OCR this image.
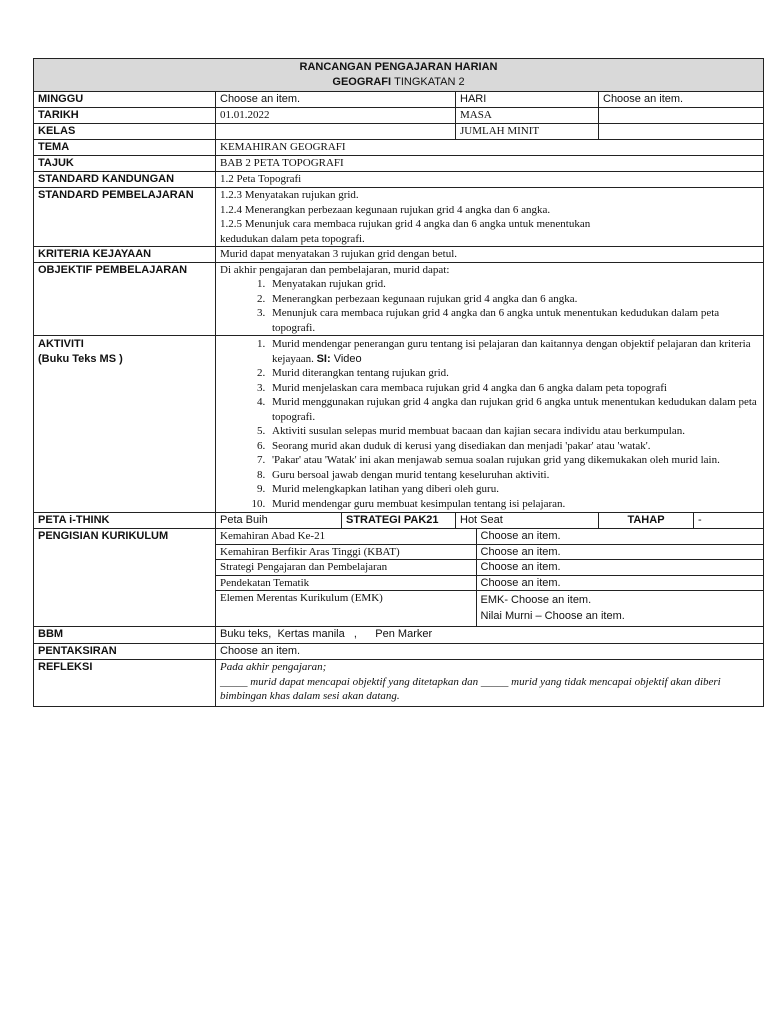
RANCANGAN PENGAJARAN HARIAN
GEOGRAFI TINGKATAN 2

MINGGU	Choose an item.	HARI	Choose an item.
TARIKH	01.01.2022	MASA	
KELAS		JUMLAH MINIT	
TEMA	KEMAHIRAN GEOGRAFI
TAJUK	BAB 2 PETA TOPOGRAFI
STANDARD KANDUNGAN	1.2 Peta Topografi
STANDARD PEMBELAJARAN	1.2.3 Menyatakan rujukan grid.
1.2.4 Menerangkan perbezaan kegunaan rujukan grid 4 angka dan 6 angka.
1.2.5 Menunjuk cara membaca rujukan grid 4 angka dan 6 angka untuk menentukan
kedudukan dalam peta topografi.

KRITERIA KEJAYAAN	Murid dapat menyatakan 3 rujukan grid dengan betul.
OBJEKTIF PEMBELAJARAN	Di akhir pengajaran dan pembelajaran, murid dapat:
1. Menyatakan rujukan grid.
2. Menerangkan perbezaan kegunaan rujukan grid 4 angka dan 6 angka.
3. Menunjuk cara membaca rujukan grid 4 angka dan 6 angka untuk menentukan kedudukan dalam peta topografi.

AKTIVITI
(Buku Teks MS )

1. Murid mendengar penerangan guru tentang isi pelajaran dan kaitannya dengan objektif pelajaran dan kriteria kejayaan. SI: Video
2. Murid diterangkan tentang rujukan grid.
3. Murid menjelaskan cara membaca rujukan grid 4 angka dan 6 angka dalam peta topografi
4. Murid menggunakan rujukan grid 4 angka dan rujukan grid 6 angka untuk menentukan kedudukan dalam peta topografi.
5. Aktiviti susulan selepas murid membuat bacaan dan kajian secara individu atau berkumpulan.
6. Seorang murid akan duduk di kerusi yang disediakan dan menjadi 'pakar' atau 'watak'.
7. 'Pakar' atau 'Watak' ini akan menjawab semua soalan rujukan grid yang dikemukakan oleh murid lain.
8. Guru bersoal jawab dengan murid tentang keseluruhan aktiviti.
9. Murid melengkapkan latihan yang diberi oleh guru.
10. Murid mendengar guru membuat kesimpulan tentang isi pelajaran.

PETA i-THINK	Peta Buih	STRATEGI PAK21	Hot Seat	TAHAP	-
PENGISIAN KURIKULUM		Kemahiran Abad Ke-21	Choose an item.
Kemahiran Berfikir Aras Tinggi (KBAT)	Choose an item.
Strategi Pengajaran dan Pembelajaran	Choose an item.
Pendekatan Tematik	Choose an item.
Elemen Merentas Kurikulum (EMK)	EMK- Choose an item.
Nilai Murni – Choose an item.

BBM	Buku teks,  Kertas manila   ,      Pen Marker
PENTAKSIRAN	Choose an item.
REFLEKSI	Pada akhir pengajaran;
_____ murid dapat mencapai objektif yang ditetapkan dan _____ murid yang tidak mencapai objektif akan diberi bimbingan khas dalam sesi akan datang.
